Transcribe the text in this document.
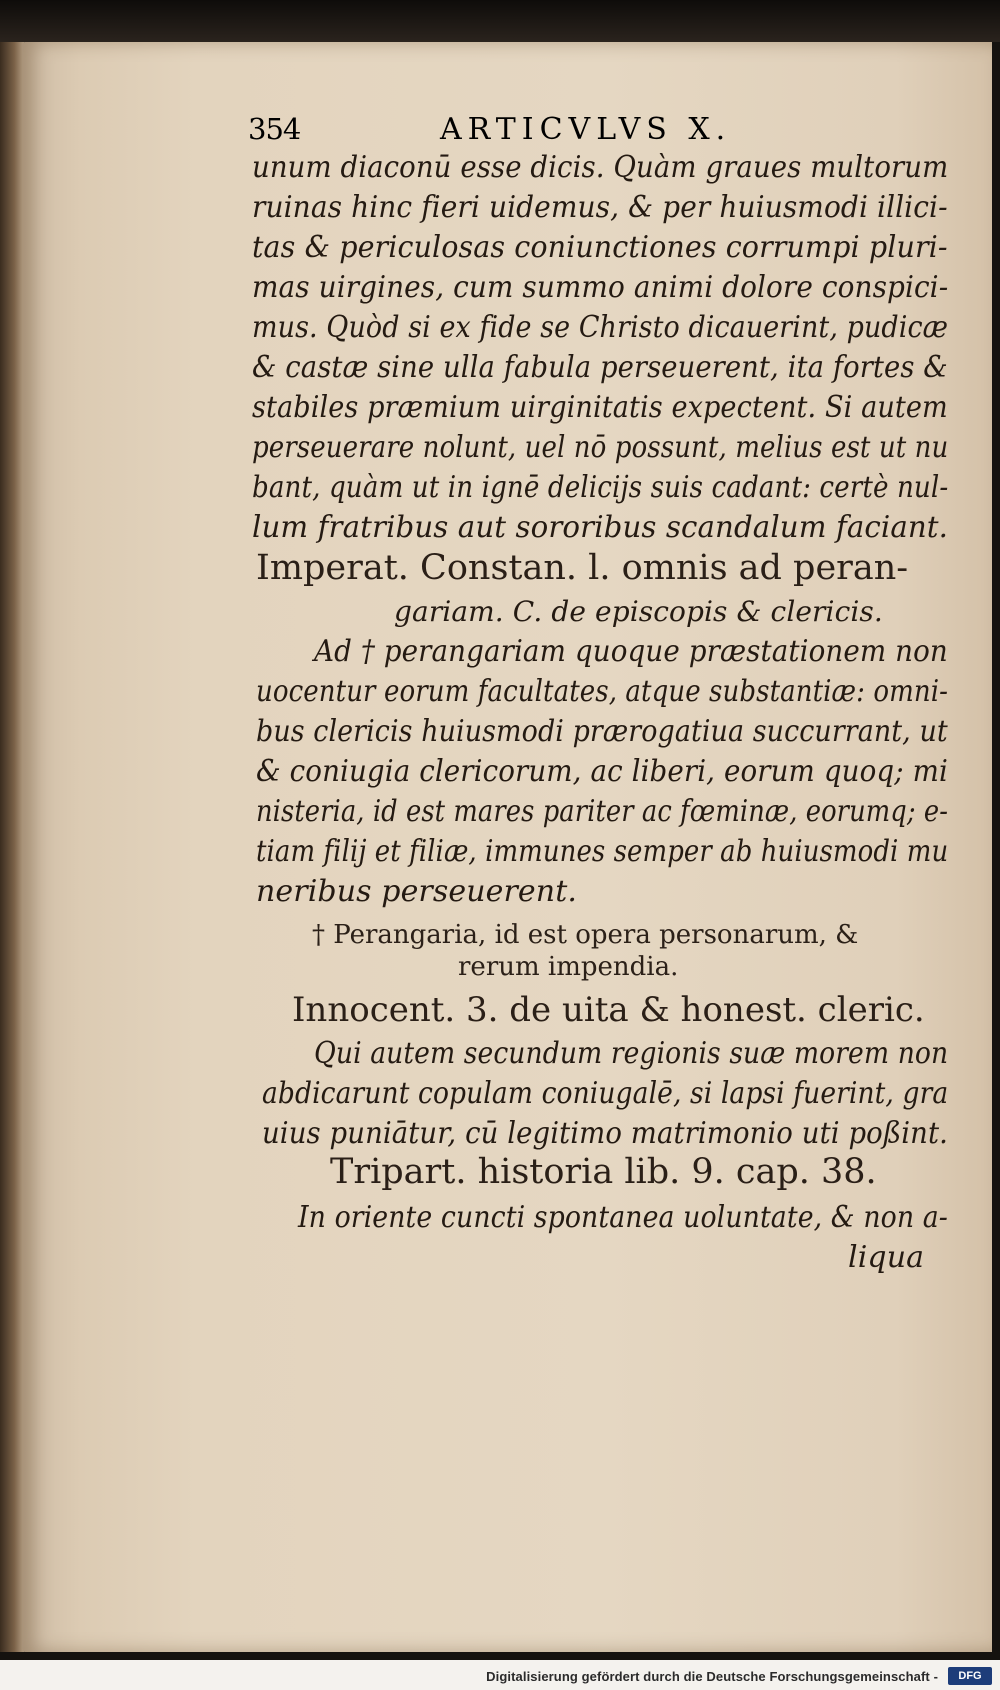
354	ARTICVLVS X.
unum diaconū esse dicis. Quàm graues multorum
ruinas hinc fieri uidemus, & per huiusmodi illici-
tas & periculosas coniunctiones corrumpi pluri-
mas uirgines, cum summo animi dolore conspici-
mus. Quòd si ex fide se Christo dicauerint, pudicæ
& castæ sine ulla fabula perseuerent, ita fortes &
stabiles præmium uirginitatis expectent. Si autem
perseuerare nolunt, uel nō possunt, melius est ut nu
bant, quàm ut in ignē delicijs suis cadant: certè nul-
lum fratribus aut sororibus scandalum faciant.
Imperat. Constan. l. omnis ad peran-
gariam. C. de episcopis & clericis.
Ad † perangariam quoque præstationem non
uocentur eorum facultates, atque substantiæ: omni-
bus clericis huiusmodi prærogatiua succurrant, ut
& coniugia clericorum, ac liberi, eorum quoq; mi
nisteria, id est mares pariter ac fœminæ, eorumq; e-
tiam filij et filiæ, immunes semper ab huiusmodi mu
neribus perseuerent.
† Perangaria, id est opera personarum, &
rerum impendia.
Innocent. 3. de uita & honest. cleric.
Qui autem secundum regionis suæ morem non
abdicarunt copulam coniugalē, si lapsi fuerint, gra
uius puniātur, cū legitimo matrimonio uti poßint.
Tripart. historia lib. 9. cap. 38.
In oriente cuncti spontanea uoluntate, & non a-
liqua
Digitalisierung gefördert durch die Deutsche Forschungsgemeinschaft -	DFG
